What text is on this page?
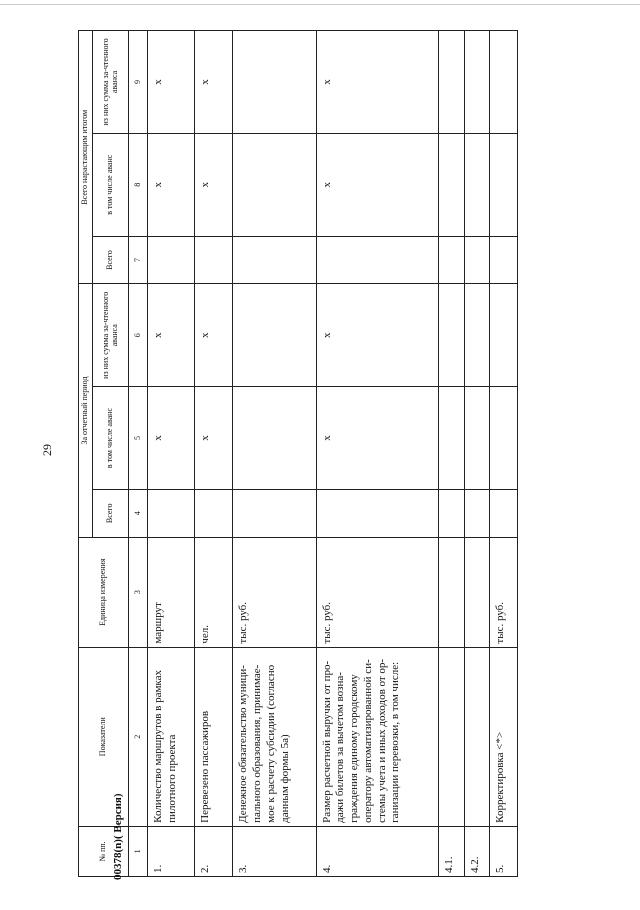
29
№ пп.	Показатели	Единица измерения	За отчетный период			Всего нарастающим итогом		
			Всего	в том числе аванс	из них сумма за-чтенного аванса	Всего	в том числе аванс	из них сумма за-чтенного аванса
1	2	3	4	5	6	7	8	9
1.	Количество маршрутов в рамках пилотного проекта	маршрут		х	х		х	х
2.	Перевезено пассажиров	чел.		х	х		х	х
3.	Денежное обязательство муници-пального образования, принимае-мое к расчету субсидии (согласно данным формы 5а)	тыс. руб.						
4.	Размер расчетной выручки от про-дажи билетов за вычетом возна-граждения единому городскому оператору автоматизированной си-стемы учета и иных доходов от ор-ганизации перевозки, в том числе:	тыс. руб.		х	х		х	х
4.1.								
4.2.								
5.	Корректировка <*>	тыс. руб.						
00378(n)( Версия)
